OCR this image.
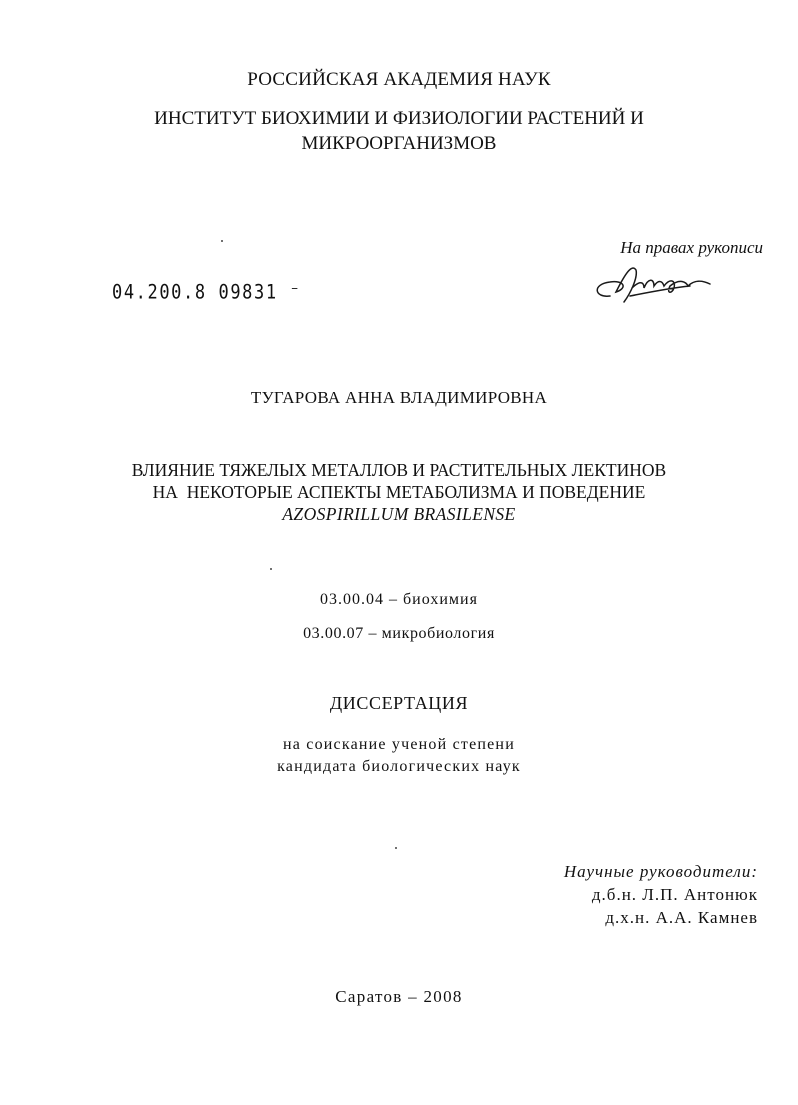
РОССИЙСКАЯ АКАДЕМИЯ НАУК
ИНСТИТУТ БИОХИМИИ И ФИЗИОЛОГИИ РАСТЕНИЙ И
МИКРООРГАНИЗМОВ
На правах рукописи
04.200.8 09831 ⁻
ТУГАРОВА АННА ВЛАДИМИРОВНА
ВЛИЯНИЕ ТЯЖЕЛЫХ МЕТАЛЛОВ И РАСТИТЕЛЬНЫХ ЛЕКТИНОВ
НА  НЕКОТОРЫЕ АСПЕКТЫ МЕТАБОЛИЗМА И ПОВЕДЕНИЕ
AZOSPIRILLUM BRASILENSE
03.00.04 – биохимия
03.00.07 – микробиология
ДИССЕРТАЦИЯ
на соискание ученой степени
кандидата биологических наук
Научные руководители:
д.б.н. Л.П. Антонюк
д.х.н. А.А. Камнев
Саратов – 2008
